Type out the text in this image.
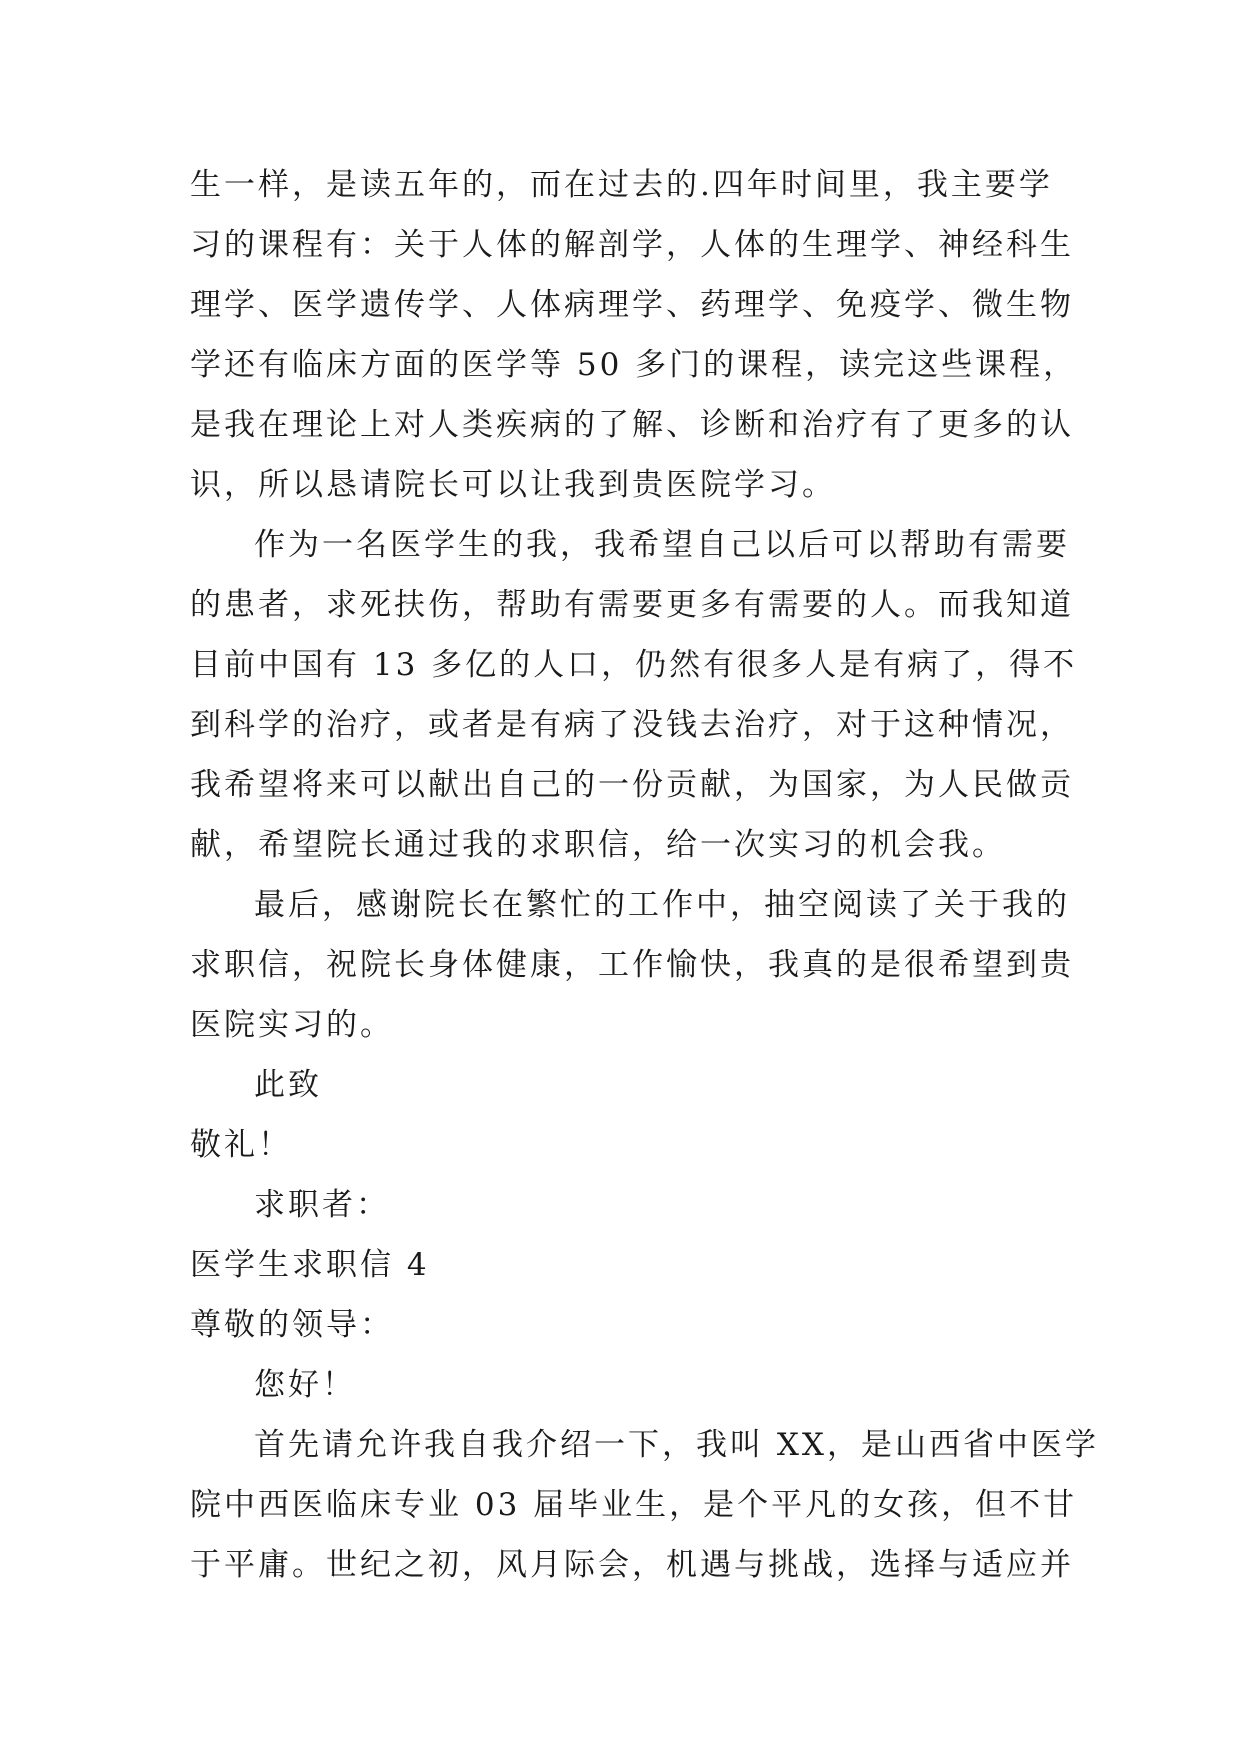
生一样，是读五年的，而在过去的.四年时间里，我主要学
习的课程有：关于人体的解剖学，人体的生理学、神经科生
理学、医学遗传学、人体病理学、药理学、免疫学、微生物
学还有临床方面的医学等 50 多门的课程，读完这些课程，
是我在理论上对人类疾病的了解、诊断和治疗有了更多的认
识，所以恳请院长可以让我到贵医院学习。
作为一名医学生的我，我希望自己以后可以帮助有需要
的患者，求死扶伤，帮助有需要更多有需要的人。而我知道
目前中国有 13 多亿的人口，仍然有很多人是有病了，得不
到科学的治疗，或者是有病了没钱去治疗，对于这种情况，
我希望将来可以献出自己的一份贡献，为国家，为人民做贡
献，希望院长通过我的求职信，给一次实习的机会我。
最后，感谢院长在繁忙的工作中，抽空阅读了关于我的
求职信，祝院长身体健康，工作愉快，我真的是很希望到贵
医院实习的。
此致
敬礼！
求职者：
医学生求职信 4
尊敬的领导：
您好！
首先请允许我自我介绍一下，我叫 XX，是山西省中医学
院中西医临床专业 03 届毕业生，是个平凡的女孩，但不甘
于平庸。世纪之初，风月际会，机遇与挑战，选择与适应并
